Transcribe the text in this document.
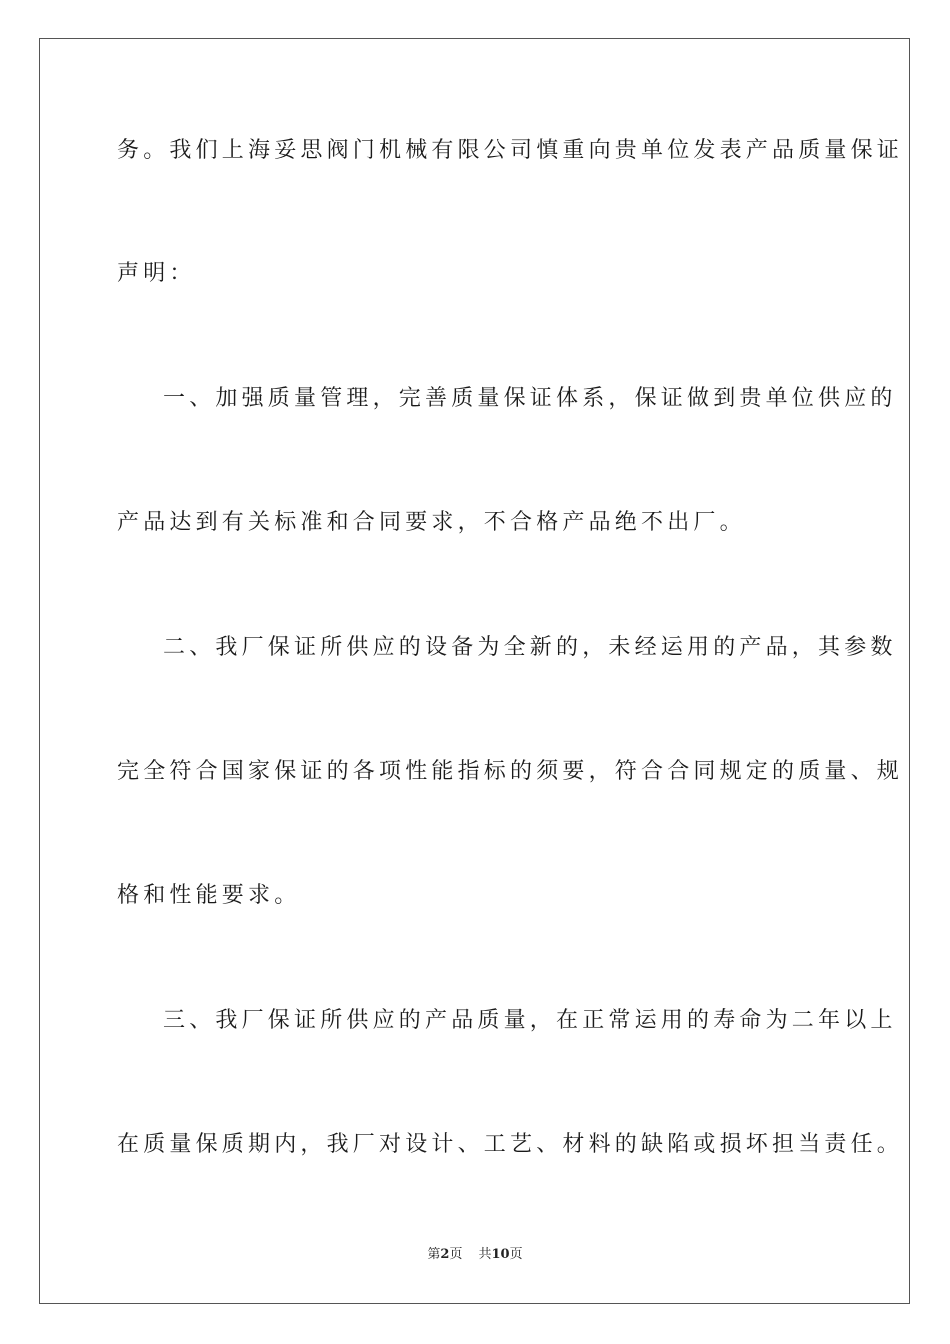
务。我们上海妥思阀门机械有限公司慎重向贵单位发表产品质量保证
声明：
一、加强质量管理，完善质量保证体系，保证做到贵单位供应的
产品达到有关标准和合同要求，不合格产品绝不出厂。
二、我厂保证所供应的设备为全新的，未经运用的产品，其参数
完全符合国家保证的各项性能指标的须要，符合合同规定的质量、规
格和性能要求。
三、我厂保证所供应的产品质量，在正常运用的寿命为二年以上
在质量保质期内，我厂对设计、工艺、材料的缺陷或损坏担当责任。
第2页 共10页
